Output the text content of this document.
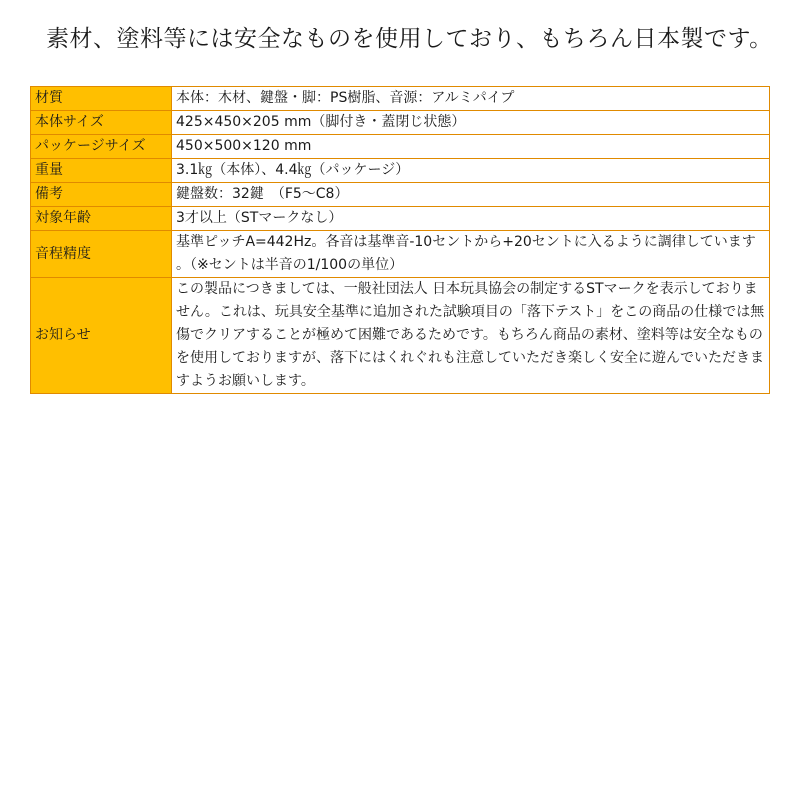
素材、塗料等には安全なものを使用しており、もちろん日本製です。
材質	本体：木材、鍵盤・脚：PS樹脂、音源：アルミパイプ
本体サイズ	425×450×205 mm（脚付き・蓋閉じ状態）
パッケージサイズ	450×500×120 mm
重量	3.1㎏（本体）、4.4㎏（パッケージ）
備考	鍵盤数：32鍵　（F5～C8）
対象年齢	3才以上（STマークなし）
音程精度	基準ピッチA=442Hz。各音は基準音-10セントから+20セントに入るように調律しています。（※セントは半音の1/100の単位）
お知らせ	この製品につきましては、一般社団法人 日本玩具協会の制定するSTマークを表示しておりません。これは、玩具安全基準に追加された試験項目の「落下テスト」をこの商品の仕様では無傷でクリアすることが極めて困難であるためです。もちろん商品の素材、塗料等は安全なものを使用しておりますが、落下にはくれぐれも注意していただき楽しく安全に遊んでいただきますようお願いします。
